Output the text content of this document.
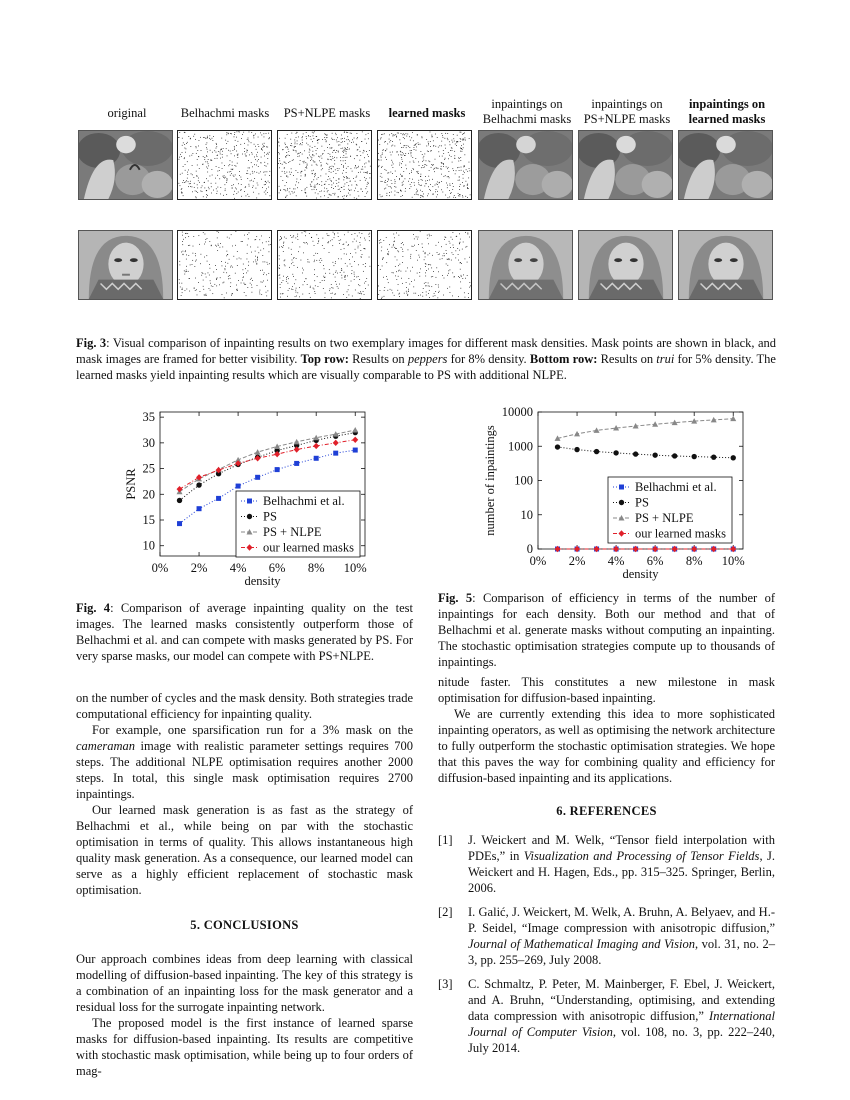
original	Belhachmi masks	PS+NLPE masks	learned masks
inpaintings on
Belhachmi masks
inpaintings on
PS+NLPE masks
inpaintings on
learned masks
Fig. 3: Visual comparison of inpainting results on two exemplary images for different mask densities. Mask points are shown in black, and mask images are framed for better visibility. Top row: Results on peppers for 8% density. Bottom row: Results on trui for 5% density. The learned masks yield inpainting results which are visually comparable to PS with additional NLPE.
0% 2% 4% 6% 8% 10%
10
15
20
25
30
35
density
PSNR
Belhachmi et al.
PS
PS + NLPE
our learned masks
Fig. 4: Comparison of average inpainting quality on the test images. The learned masks consistently outperform those of Belhachmi et al. and can compete with masks generated by PS. For very sparse masks, our model can compete with PS+NLPE.
0% 2% 4% 6% 8% 10%
0
10
100
1000
10000
density
number of inpaintings	Belhachmi et al.
PS
PS + NLPE
our learned masks
Fig. 5: Comparison of efficiency in terms of the number of inpaintings for each density. Both our method and that of Belhachmi et al. generate masks without computing an inpainting. The stochastic optimisation strategies compute up to thousands of inpaintings.

on the number of cycles and the mask density. Both strategies trade computational efficiency for inpainting quality.

For example, one sparsification run for a 3% mask on the cameraman image with realistic parameter settings requires 700 steps. The additional NLPE optimisation requires another 2000 steps. In total, this single mask optimisation requires 2700 inpaintings.

Our learned mask generation is as fast as the strategy of Belhachmi et al., while being on par with the stochastic optimisation in terms of quality. This allows instantaneous high quality mask generation. As a consequence, our learned model can serve as a highly efficient replacement of stochastic mask optimisation.

5. CONCLUSIONS

Our approach combines ideas from deep learning with classical modelling of diffusion-based inpainting. The key of this strategy is a combination of an inpainting loss for the mask generator and a residual loss for the surrogate inpainting network.

The proposed model is the first instance of learned sparse masks for diffusion-based inpainting. Its results are competitive with stochastic mask optimisation, while being up to four orders of mag-

nitude faster. This constitutes a new milestone in mask optimisation for diffusion-based inpainting.

We are currently extending this idea to more sophisticated inpainting operators, as well as optimising the network architecture to fully outperform the stochastic optimisation strategies. We hope that this paves the way for combining quality and efficiency for diffusion-based inpainting and its applications.

6. REFERENCES
[1] J. Weickert and M. Welk, “Tensor field interpolation with PDEs,” in Visualization and Processing of Tensor Fields, J. Weickert and H. Hagen, Eds., pp. 315–325. Springer, Berlin, 2006.
[2] I. Galić, J. Weickert, M. Welk, A. Bruhn, A. Belyaev, and H.-P. Seidel, “Image compression with anisotropic diffusion,” Journal of Mathematical Imaging and Vision, vol. 31, no. 2–3, pp. 255–269, July 2008.
[3] C. Schmaltz, P. Peter, M. Mainberger, F. Ebel, J. Weickert, and A. Bruhn, “Understanding, optimising, and extending data compression with anisotropic diffusion,” International Journal of Computer Vision, vol. 108, no. 3, pp. 222–240, July 2014.
